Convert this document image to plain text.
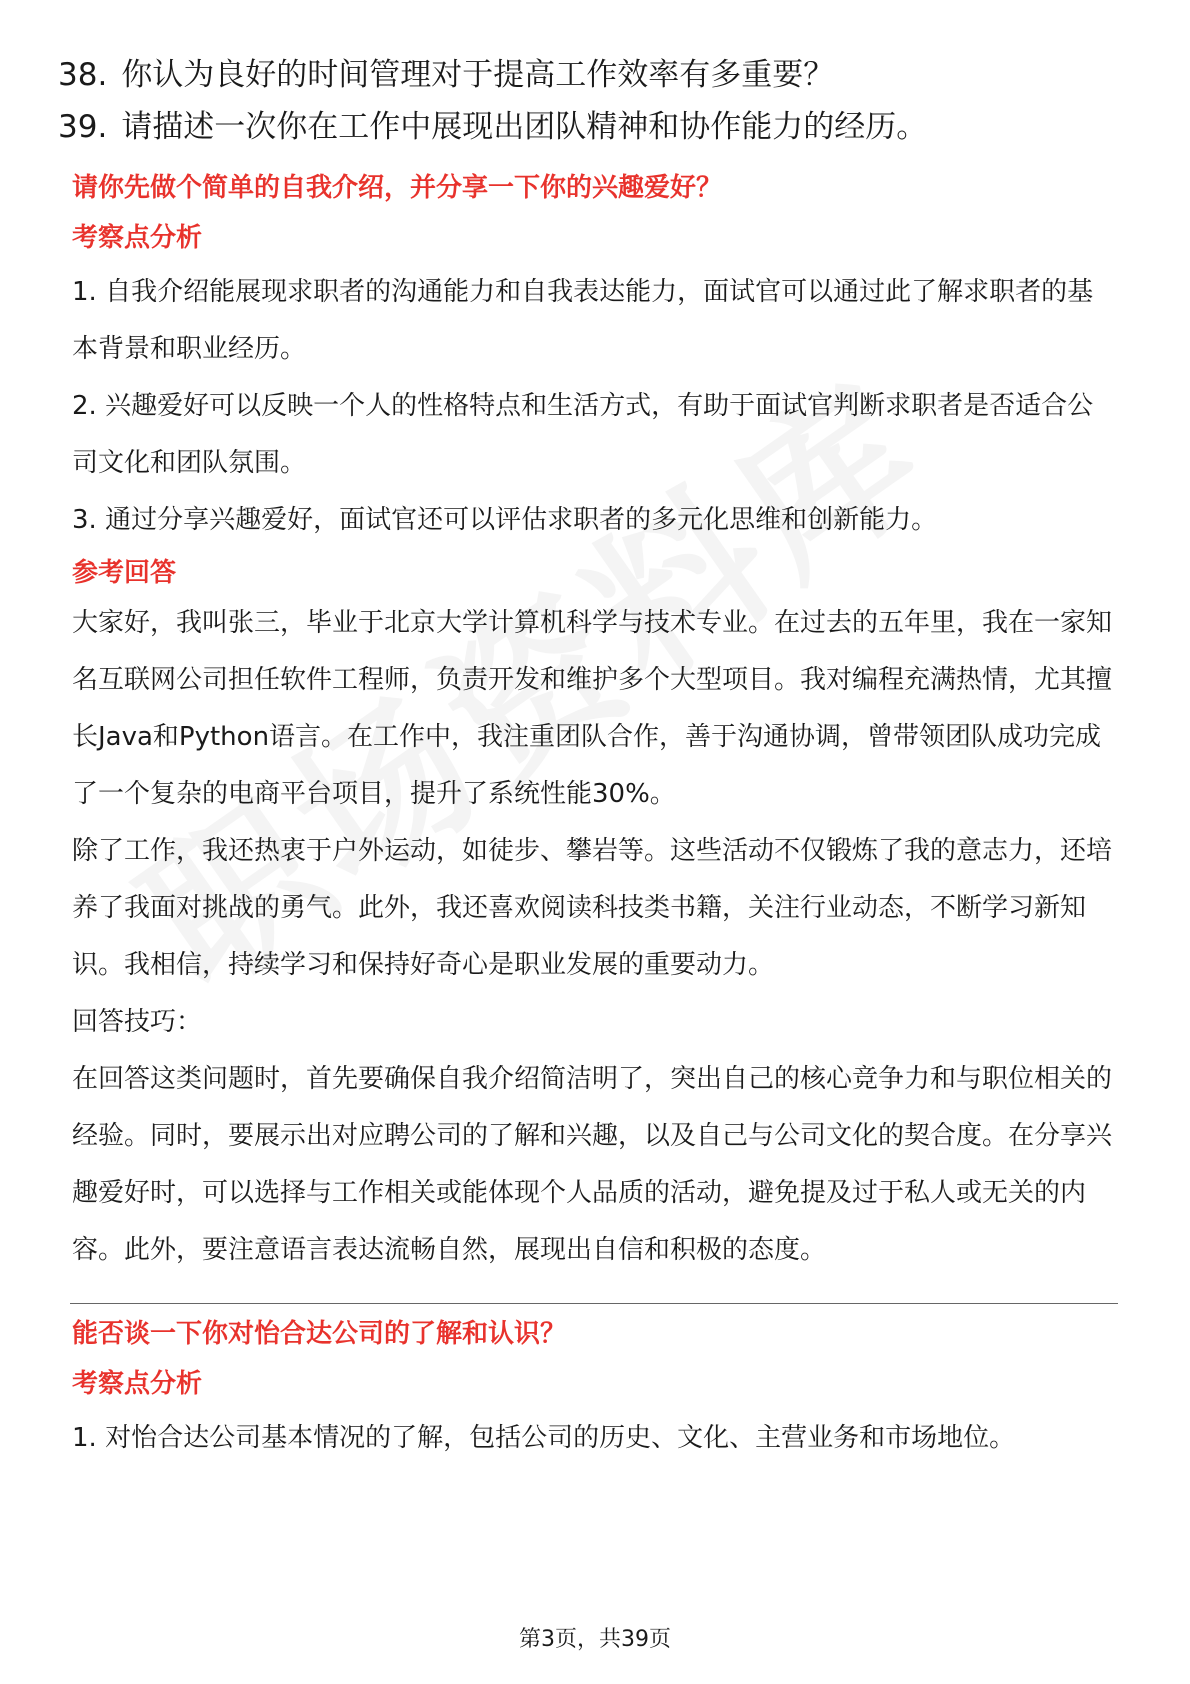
38. 你认为良好的时间管理对于提高工作效率有多重要？
39. 请描述一次你在工作中展现出团队精神和协作能力的经历。
请你先做个简单的自我介绍，并分享一下你的兴趣爱好？
考察点分析

1. 自我介绍能展现求职者的沟通能力和自我表达能力，面试官可以通过此了解求职者的基本背景和职业经历。

2. 兴趣爱好可以反映一个人的性格特点和生活方式，有助于面试官判断求职者是否适合公司文化和团队氛围。

3. 通过分享兴趣爱好，面试官还可以评估求职者的多元化思维和创新能力。

参考回答

大家好，我叫张三，毕业于北京大学计算机科学与技术专业。在过去的五年里，我在一家知名互联网公司担任软件工程师，负责开发和维护多个大型项目。我对编程充满热情，尤其擅长Java和Python语言。在工作中，我注重团队合作，善于沟通协调，曾带领团队成功完成了一个复杂的电商平台项目，提升了系统性能30%。

除了工作，我还热衷于户外运动，如徒步、攀岩等。这些活动不仅锻炼了我的意志力，还培养了我面对挑战的勇气。此外，我还喜欢阅读科技类书籍，关注行业动态，不断学习新知识。我相信，持续学习和保持好奇心是职业发展的重要动力。

回答技巧：

在回答这类问题时，首先要确保自我介绍简洁明了，突出自己的核心竞争力和与职位相关的经验。同时，要展示出对应聘公司的了解和兴趣，以及自己与公司文化的契合度。在分享兴趣爱好时，可以选择与工作相关或能体现个人品质的活动，避免提及过于私人或无关的内容。此外，要注意语言表达流畅自然，展现出自信和积极的态度。

能否谈一下你对怡合达公司的了解和认识？
考察点分析

1. 对怡合达公司基本情况的了解，包括公司的历史、文化、主营业务和市场地位。

第3页，共39页
